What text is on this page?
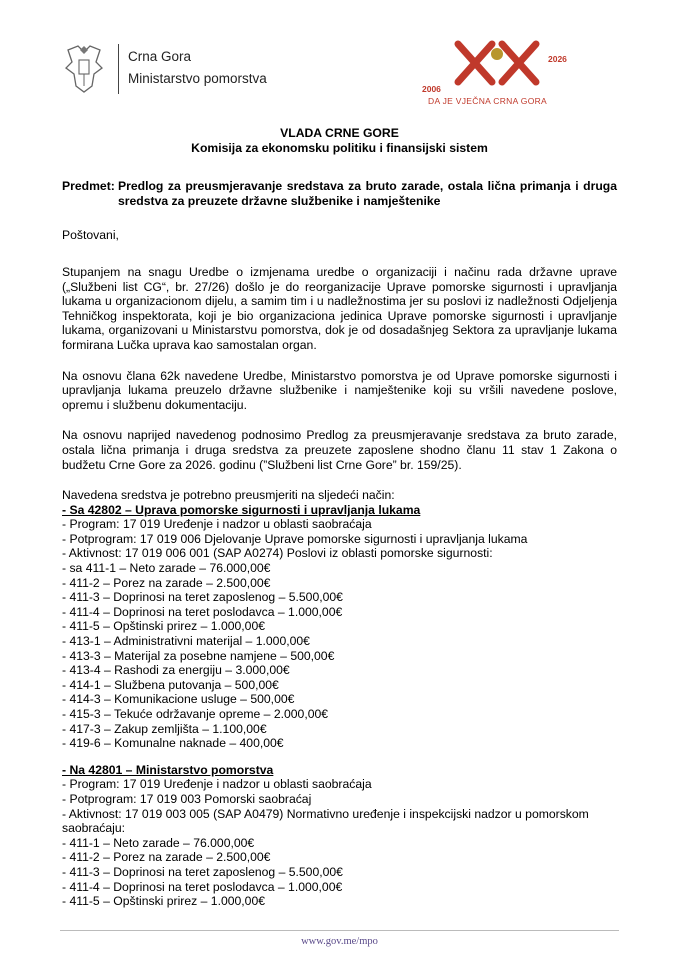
Crna Gora
Ministarstvo pomorstva
2006
2026
DA JE VJEČNA CRNA GORA
VLADA CRNE GORE
Komisija za ekonomsku politiku i finansijski sistem
Predmet: Predlog za preusmjeravanje sredstava za bruto zarade, ostala lična primanja i druga sredstva za preuzete državne službenike i namještenike

Poštovani,

Stupanjem na snagu Uredbe o izmjenama uredbe o organizaciji i načinu rada državne uprave („Službeni list CG“, br. 27/26) došlo je do reorganizacije Uprave pomorske sigurnosti i upravljanja lukama u organizacionom dijelu, a samim tim i u nadležnostima jer su poslovi iz nadležnosti Odjeljenja Tehničkog inspektorata, koji je bio organizaciona jedinica Uprave pomorske sigurnosti i upravljanje lukama, organizovani u Ministarstvu pomorstva, dok je od dosadašnjeg Sektora za upravljanje lukama formirana Lučka uprava kao samostalan organ.

Na osnovu člana 62k navedene Uredbe, Ministarstvo pomorstva je od Uprave pomorske sigurnosti i upravljanja lukama preuzelo državne službenike i namještenike koji su vršili navedene poslove, opremu i službenu dokumentaciju.

Na osnovu naprijed navedenog podnosimo Predlog za preusmjeravanje sredstava za bruto zarade, ostala lična primanja i druga sredstva za preuzete zaposlene shodno članu 11 stav 1 Zakona o budžetu Crne Gore za 2026. godinu (”Službeni list Crne Gore” br. 159/25).

Navedena sredstva je potrebno preusmjeriti na sljedeći način:

- Sa 42802 – Uprava pomorske sigurnosti i upravljanja lukama
- Program: 17 019 Uređenje i nadzor u oblasti saobraćaja
- Potprogram: 17 019 006 Djelovanje Uprave pomorske sigurnosti i upravljanja lukama
- Aktivnost: 17 019 006 001 (SAP A0274) Poslovi iz oblasti pomorske sigurnosti:
- sa 411-1 – Neto zarade – 76.000,00€
- 411-2 – Porez na zarade – 2.500,00€
- 411-3 – Doprinosi na teret zaposlenog – 5.500,00€
- 411-4 – Doprinosi na teret poslodavca – 1.000,00€
- 411-5 – Opštinski prirez – 1.000,00€
- 413-1 – Administrativni materijal – 1.000,00€
- 413-3 – Materijal za posebne namjene – 500,00€
- 413-4 – Rashodi za energiju – 3.000,00€
- 414-1 – Službena putovanja – 500,00€
- 414-3 – Komunikacione usluge – 500,00€
- 415-3 – Tekuće održavanje opreme – 2.000,00€
- 417-3 – Zakup zemljišta – 1.100,00€
- 419-6 – Komunalne naknade – 400,00€
- Na 42801 – Ministarstvo pomorstva
- Program: 17 019 Uređenje i nadzor u oblasti saobraćaja
- Potprogram: 17 019 003 Pomorski saobraćaj
- Aktivnost: 17 019 003 005 (SAP A0479) Normativno uređenje i inspekcijski nadzor u pomorskom saobraćaju:
- 411-1 – Neto zarade – 76.000,00€
- 411-2 – Porez na zarade – 2.500,00€
- 411-3 – Doprinosi na teret zaposlenog – 5.500,00€
- 411-4 – Doprinosi na teret poslodavca – 1.000,00€
- 411-5 – Opštinski prirez – 1.000,00€
www.gov.me/mpo
